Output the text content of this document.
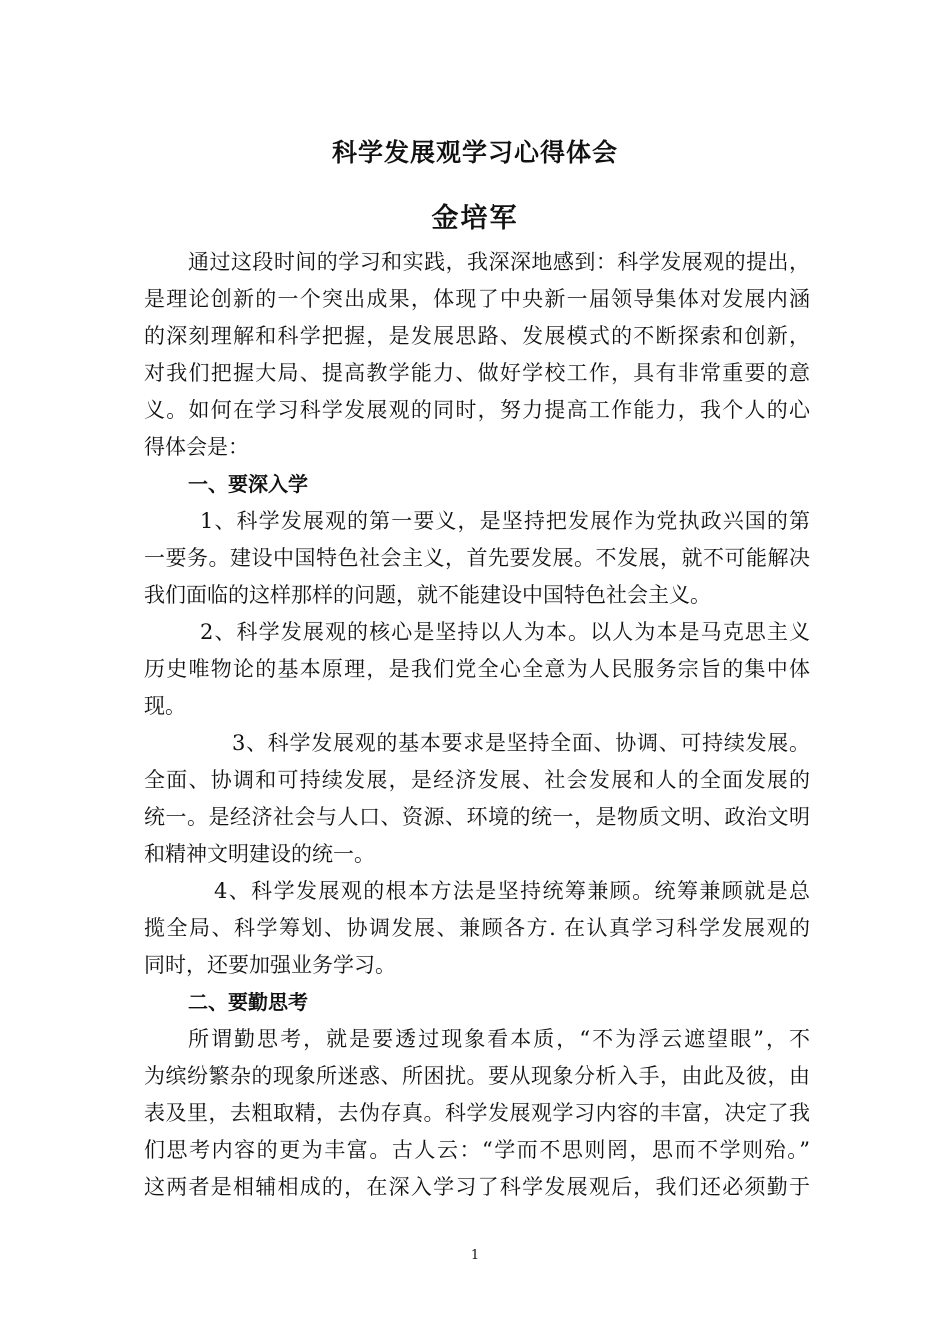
科学发展观学习心得体会
金培军
通过这段时间的学习和实践，我深深地感到：科学发展观的提出，
是理论创新的一个突出成果，体现了中央新一届领导集体对发展内涵
的深刻理解和科学把握，是发展思路、发展模式的不断探索和创新，
对我们把握大局、提高教学能力、做好学校工作，具有非常重要的意
义。如何在学习科学发展观的同时，努力提高工作能力，我个人的心
得体会是：
一、要深入学
1、科学发展观的第一要义，是坚持把发展作为党执政兴国的第
一要务。建设中国特色社会主义，首先要发展。不发展，就不可能解决
我们面临的这样那样的问题，就不能建设中国特色社会主义。
2、科学发展观的核心是坚持以人为本。以人为本是马克思主义
历史唯物论的基本原理，是我们党全心全意为人民服务宗旨的集中体
现。
3、科学发展观的基本要求是坚持全面、协调、可持续发展。
全面、协调和可持续发展，是经济发展、社会发展和人的全面发展的
统一。是经济社会与人口、资源、环境的统一，是物质文明、政治文明
和精神文明建设的统一。
4、科学发展观的根本方法是坚持统筹兼顾。统筹兼顾就是总
揽全局、科学筹划、协调发展、兼顾各方. 在认真学习科学发展观的
同时，还要加强业务学习。
二、要勤思考
所谓勤思考，就是要透过现象看本质，“不为浮云遮望眼”，不
为缤纷繁杂的现象所迷惑、所困扰。要从现象分析入手，由此及彼，由
表及里，去粗取精，去伪存真。科学发展观学习内容的丰富，决定了我
们思考内容的更为丰富。古人云：“学而不思则罔，思而不学则殆。”
这两者是相辅相成的，在深入学习了科学发展观后，我们还必须勤于
1
